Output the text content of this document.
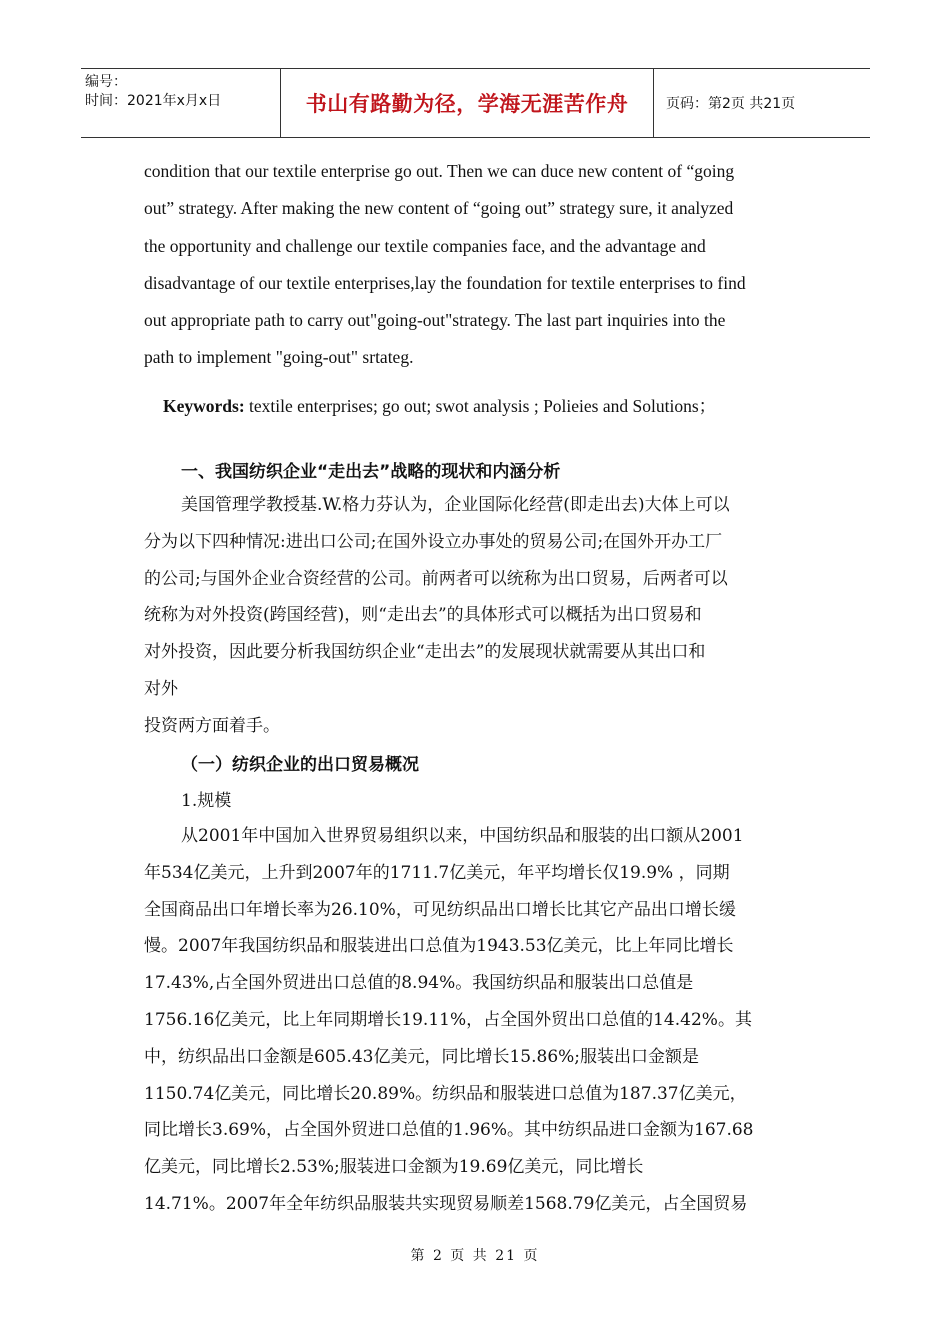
编号：
时间：2021年x月x日	书山有路勤为径，学海无涯苦作舟	页码：第2页 共21页
condition that our textile enterprise go out. Then we can duce new content of “going
out” strategy. After making the new content of “going out” strategy sure, it analyzed
the opportunity and challenge our textile companies face, and the advantage and
disadvantage of our textile enterprises,lay the foundation for textile enterprises to find
out appropriate path to carry out"going-out"strategy. The last part inquiries into the
path to implement "going-out" srtateg.
Keywords: textile enterprises; go out; swot analysis ; Polieies and Solutions；
一、我国纺织企业“走出去”战略的现状和内涵分析
美国管理学教授基.W.格力芬认为，企业国际化经营(即走出去)大体上可以
分为以下四种情况:进出口公司;在国外设立办事处的贸易公司;在国外开办工厂
的公司;与国外企业合资经营的公司。前两者可以统称为出口贸易，后两者可以
统称为对外投资(跨国经营)，则“走出去”的具体形式可以概括为出口贸易和
对外投资，因此要分析我国纺织企业“走出去”的发展现状就需要从其出口和
对外
投资两方面着手。
（一）纺织企业的出口贸易概况
1.规模
从2001年中国加入世界贸易组织以来，中国纺织品和服装的出口额从2001
年534亿美元，上升到2007年的1711.7亿美元，年平均增长仅19.9% ，同期
全国商品出口年增长率为26.10%，可见纺织品出口增长比其它产品出口增长缓
慢。2007年我国纺织品和服装进出口总值为1943.53亿美元，比上年同比增长
17.43%,占全国外贸进出口总值的8.94%。我国纺织品和服装出口总值是
1756.16亿美元，比上年同期增长19.11%，占全国外贸出口总值的14.42%。其
中，纺织品出口金额是605.43亿美元，同比增长15.86%;服装出口金额是
1150.74亿美元，同比增长20.89%。纺织品和服装进口总值为187.37亿美元，
同比增长3.69%，占全国外贸进口总值的1.96%。其中纺织品进口金额为167.68
亿美元，同比增长2.53%;服装进口金额为19.69亿美元，同比增长
14.71%。2007年全年纺织品服装共实现贸易顺差1568.79亿美元，占全国贸易
第 2 页 共 21 页
